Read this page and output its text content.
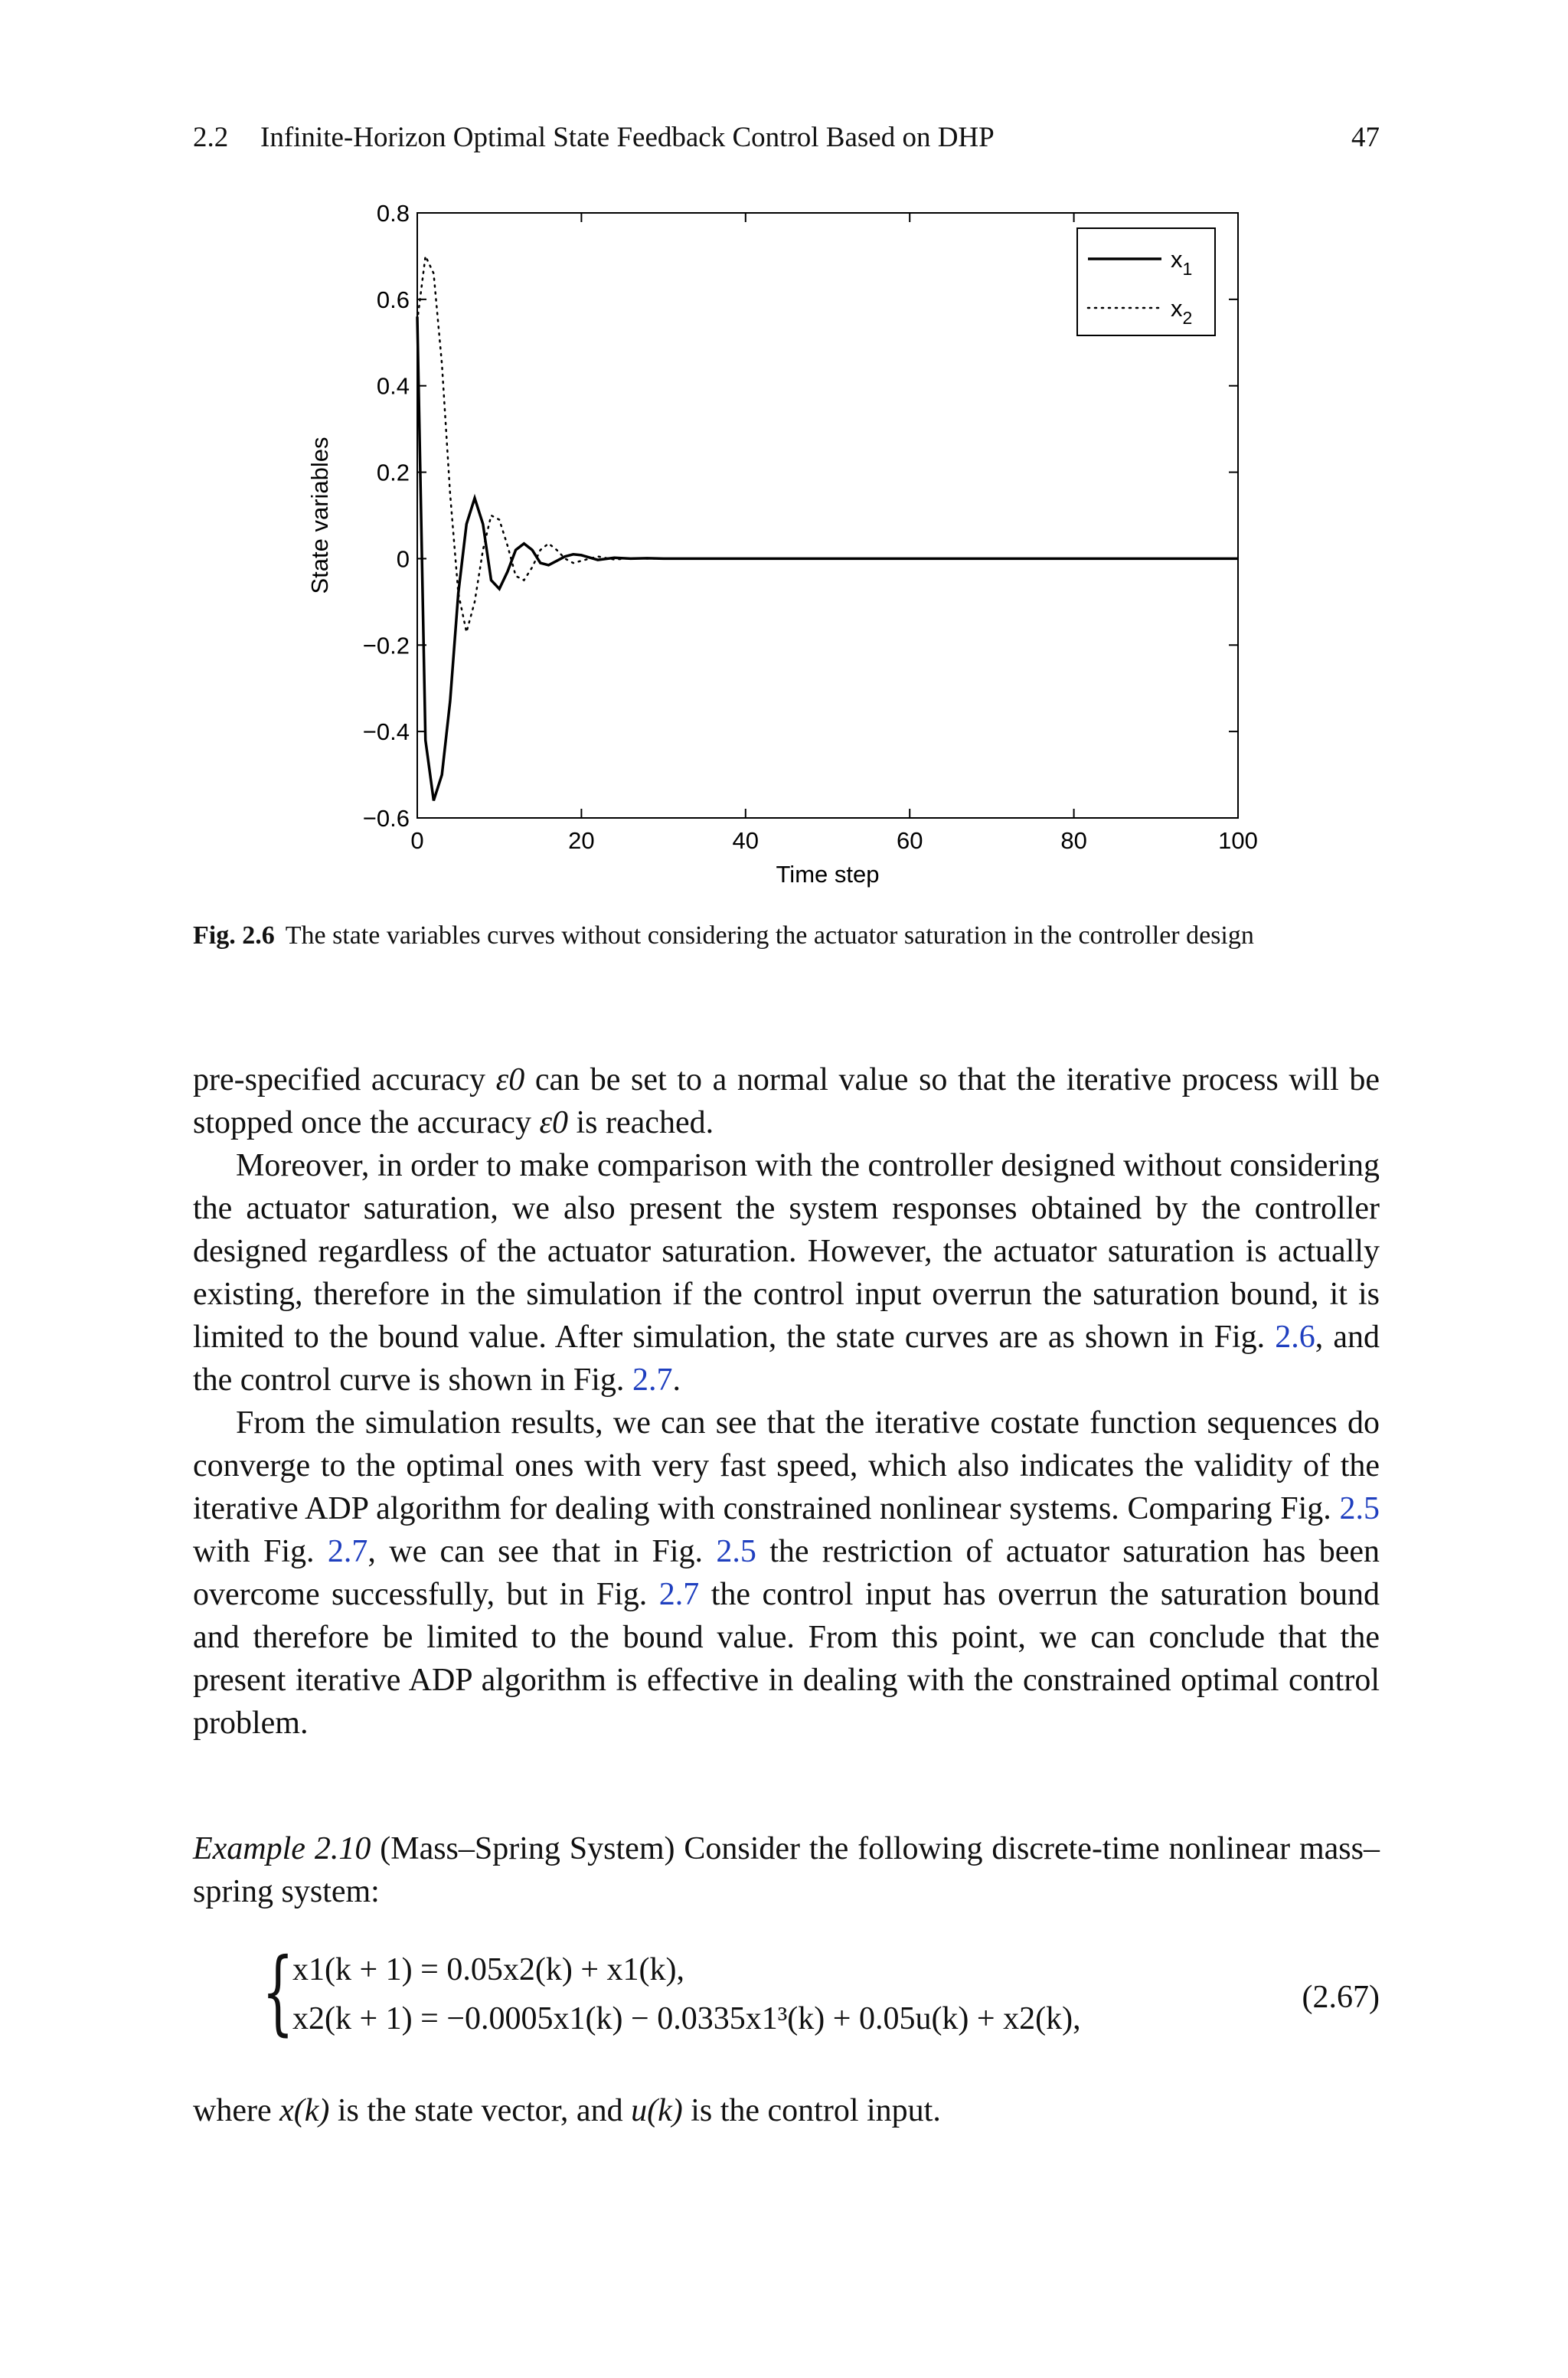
2.2 Infinite-Horizon Optimal State Feedback Control Based on DHP	47
0	20	40	60	80	100
−0.6
−0.4
−0.2
0
0.2
0.4
0.6
0.8
$x_1$
$x_2$
Time step
State variables
Fig. 2.6 The state variables curves without considering the actuator saturation in the controller design

pre-specified accuracy ε0 can be set to a normal value so that the iterative process will be stopped once the accuracy ε0 is reached.

Moreover, in order to make comparison with the controller designed without considering the actuator saturation, we also present the system responses obtained by the controller designed regardless of the actuator saturation. However, the actuator saturation is actually existing, therefore in the simulation if the control input overrun the saturation bound, it is limited to the bound value. After simulation, the state curves are as shown in Fig. 2.6, and the control curve is shown in Fig. 2.7.

From the simulation results, we can see that the iterative costate function sequences do converge to the optimal ones with very fast speed, which also indicates the validity of the iterative ADP algorithm for dealing with constrained nonlinear systems. Comparing Fig. 2.5 with Fig. 2.7, we can see that in Fig. 2.5 the restriction of actuator saturation has been overcome successfully, but in Fig. 2.7 the control input has overrun the saturation bound and therefore be limited to the bound value. From this point, we can conclude that the present iterative ADP algorithm is effective in dealing with the constrained optimal control problem.

Example 2.10 (Mass–Spring System) Consider the following discrete-time nonlinear mass–spring system:

{
x1(k + 1) = 0.05x2(k) + x1(k),
x2(k + 1) = −0.0005x1(k) − 0.0335x1³(k) + 0.05u(k) + x2(k),
(2.67)

where x(k) is the state vector, and u(k) is the control input.
